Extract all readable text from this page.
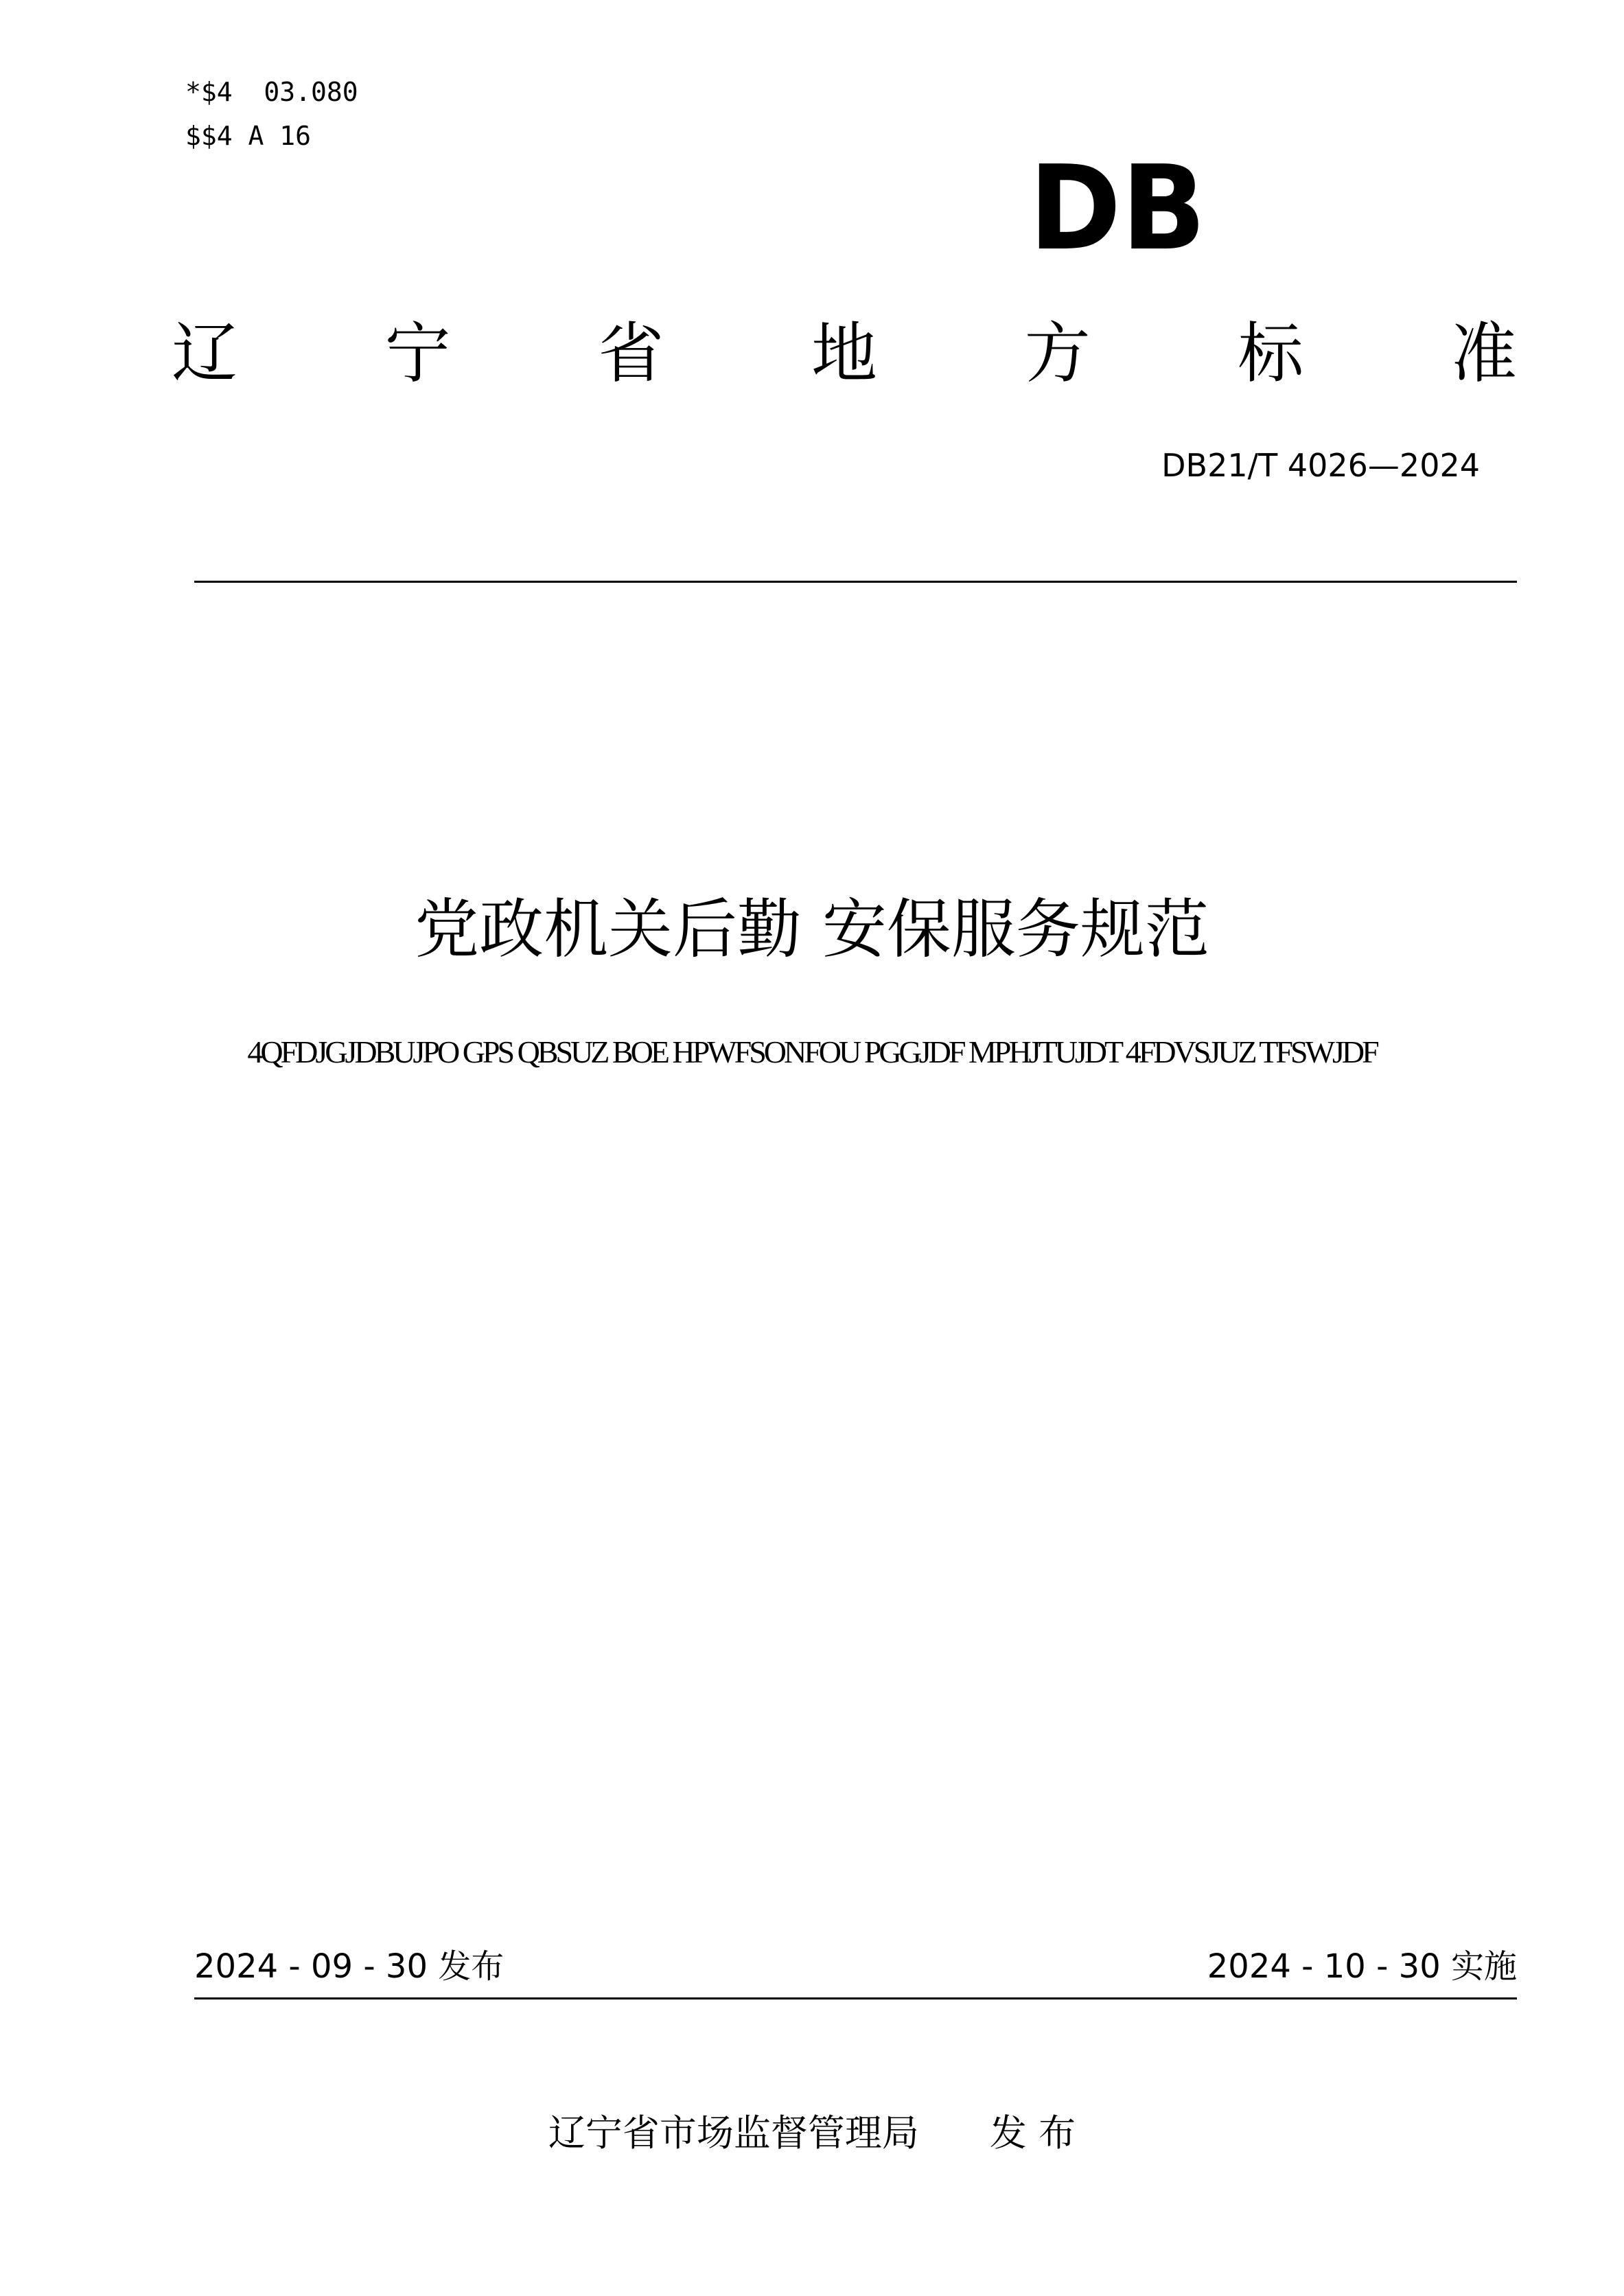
*$4  03.080
$$4 A 16
DB
辽 宁 省 地 方 标 准
DB21/T 4026—2024
党政机关后勤 安保服务规范
4QFDJGJDBUJPO GPS QBSUZ BOE HPWFSONFOU PGGJDF MPHJTUJDT 4FDVSJUZ TFSWJDF
2024 - 09 - 30 发布	2024 - 10 - 30 实施
辽宁省市场监督管理局      发 布
